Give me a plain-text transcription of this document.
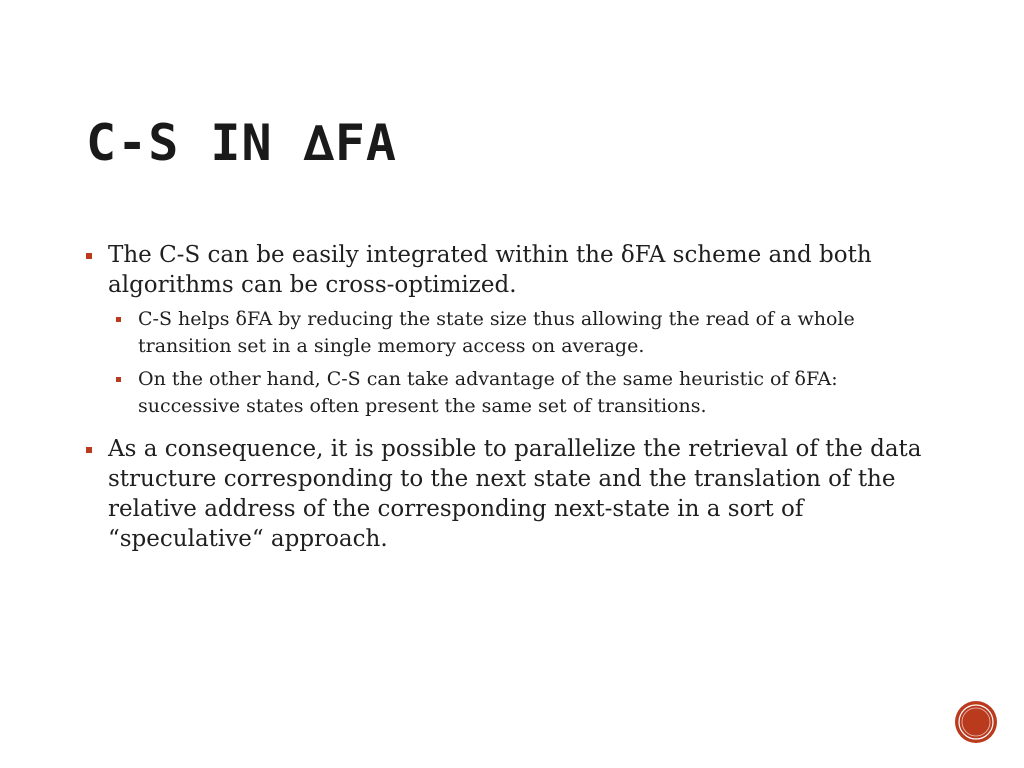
C-S IN ∆FA
The C-S can be easily integrated within the δFA scheme and both algorithms can be cross-optimized.
C-S helps δFA by reducing the state size thus allowing the read of a whole transition set in a single memory access on average.
On the other hand, C-S can take advantage of the same heuristic of δFA: successive states often present the same set of transitions.
As a consequence, it is possible to parallelize the retrieval of the data structure corresponding to the next state and the translation of the relative address of the corresponding next-state in a sort of “speculative“ approach.
